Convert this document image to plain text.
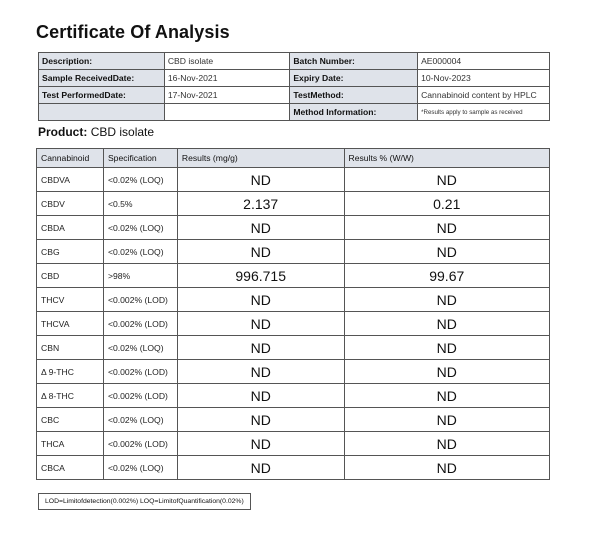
Certificate Of Analysis
Description:	CBD isolate	Batch Number:	AE000004
Sample ReceivedDate:	16-Nov-2021	Expiry Date:	10-Nov-2023
Test PerformedDate:	17-Nov-2021	TestMethod:	Cannabinoid content by HPLC
		Method Information:	*Results apply to sample as received
Product: CBD isolate
Cannabinoid	Specification	Results (mg/g)	Results % (W/W)
CBDVA	<0.02% (LOQ)	ND	ND
CBDV	<0.5%	2.137	0.21
CBDA	<0.02% (LOQ)	ND	ND
CBG	<0.02% (LOQ)	ND	ND
CBD	>98%	996.715	99.67
THCV	<0.002% (LOD)	ND	ND
THCVA	<0.002% (LOD)	ND	ND
CBN	<0.02% (LOQ)	ND	ND
Δ 9-THC	<0.002% (LOD)	ND	ND
Δ 8-THC	<0.002% (LOD)	ND	ND
CBC	<0.02% (LOQ)	ND	ND
THCA	<0.002% (LOD)	ND	ND
CBCA	<0.02% (LOQ)	ND	ND
LOD=Limitofdetection(0.002%) LOQ=LimitofQuantification(0.02%)
